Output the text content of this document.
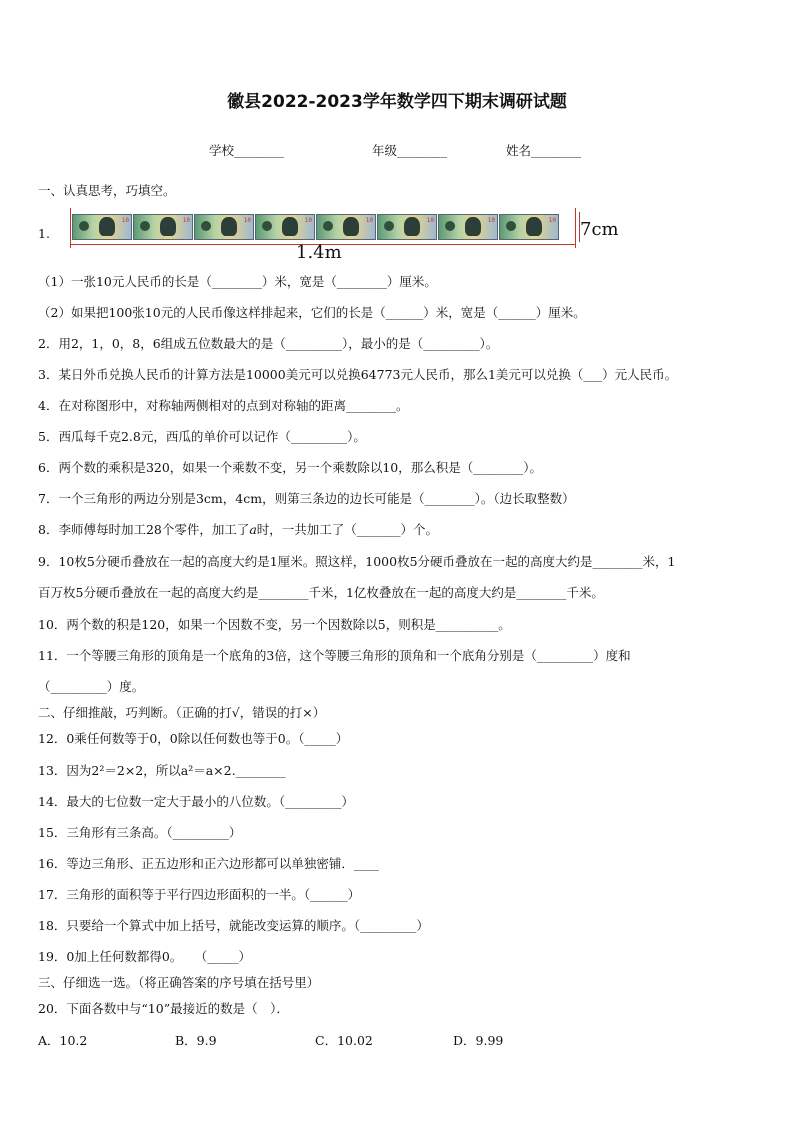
徽县2022-2023学年数学四下期末调研试题
学校________	年级________	姓名________
一、认真思考，巧填空。
1.
10	10	10	10	10	10	10	10 7cm
1.4m
（1）一张10元人民币的长是（________）米，宽是（________）厘米。
（2）如果把100张10元的人民币像这样排起来，它们的长是（______）米，宽是（______）厘米。
2．用2，1，0，8，6组成五位数最大的是（_________），最小的是（_________）。
3．某日外币兑换人民币的计算方法是10000美元可以兑换64773元人民币，那么1美元可以兑换（___）元人民币。
4．在对称图形中，对称轴两侧相对的点到对称轴的距离________。
5．西瓜每千克2.8元，西瓜的单价可以记作（_________）。
6．两个数的乘积是320，如果一个乘数不变，另一个乘数除以10，那么积是（________）。
7．一个三角形的两边分别是3cm，4cm，则第三条边的边长可能是（________）。（边长取整数）
8．李师傅每时加工28个零件，加工了𝑎时，一共加工了（_______）个。
9．10枚5分硬币叠放在一起的高度大约是1厘米。照这样，1000枚5分硬币叠放在一起的高度大约是________米，1
百万枚5分硬币叠放在一起的高度大约是________千米，1亿枚叠放在一起的高度大约是________千米。
10．两个数的积是120，如果一个因数不变，另一个因数除以5，则积是__________。
11．一个等腰三角形的顶角是一个底角的3倍，这个等腰三角形的顶角和一个底角分别是（_________）度和
（_________）度。
二、仔细推敲，巧判断。（正确的打√，错误的打×）
12．0乘任何数等于0，0除以任何数也等于0。（_____）
13．因为2²＝2×2，所以a²＝a×2.________
14．最大的七位数一定大于最小的八位数。（_________）
15．三角形有三条高。（_________）
16．等边三角形、正五边形和正六边形都可以单独密铺．____
17．三角形的面积等于平行四边形面积的一半。（______）
18．只要给一个算式中加上括号，就能改变运算的顺序。（_________）
19．0加上任何数都得0。　　（_____）
三、仔细选一选。（将正确答案的序号填在括号里）
20．下面各数中与“10”最接近的数是（　）．
A．10.2	B．9.9	C．10.02	D．9.99
